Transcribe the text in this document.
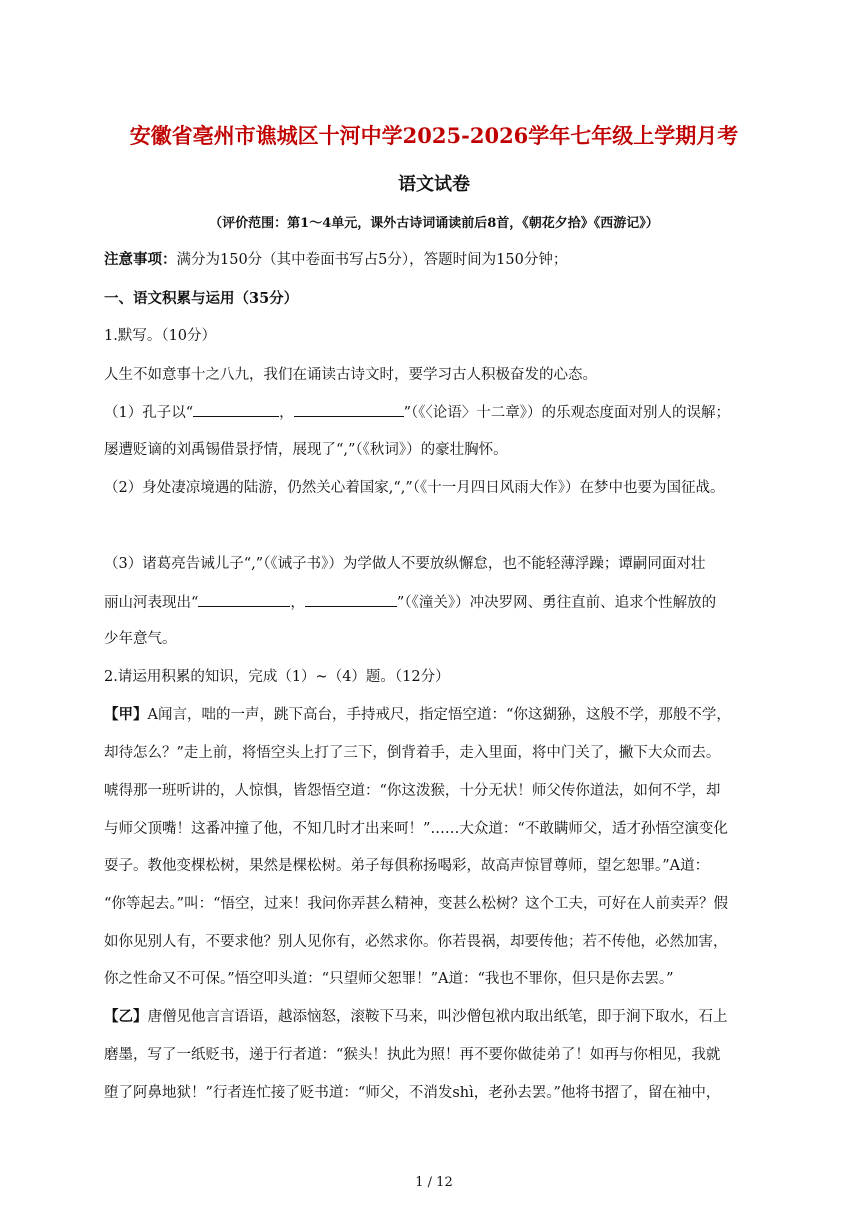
安徽省亳州市谯城区十河中学2025-2026学年七年级上学期月考
语文试卷
（评价范围：第1～4单元，课外古诗词诵读前后8首，《朝花夕拾》《西游记》）
注意事项：满分为150分（其中卷面书写占5分），答题时间为150分钟；
一、语文积累与运用（35分）
1.默写。（10分）
人生不如意事十之八九，我们在诵读古诗文时，要学习古人积极奋发的心态。
（1）孔子以“	，	”（《〈论语〉十二章》）的乐观态度面对别人的误解；
屡遭贬谪的刘禹锡借景抒情，展现了“,”（《秋词》）的豪壮胸怀。
（2）身处凄凉境遇的陆游，仍然关心着国家,“,”（《十一月四日风雨大作》）在梦中也要为国征战。
（3）诸葛亮告诫儿子“,”（《诫子书》）为学做人不要放纵懈怠，也不能轻薄浮躁；谭嗣同面对壮
丽山河表现出“	，	”（《潼关》）冲决罗网、勇往直前、追求个性解放的
少年意气。
2.请运用积累的知识，完成（1）~（4）题。（12分）
【甲】A闻言，咄的一声，跳下高台，手持戒尺，指定悟空道：“你这猢狲，这般不学，那般不学，
却待怎么？”走上前，将悟空头上打了三下，倒背着手，走入里面，将中门关了，撇下大众而去。
唬得那一班听讲的，人惊惧，皆怨悟空道：“你这泼猴，十分无状！师父传你道法，如何不学，却
与师父顶嘴！这番冲撞了他，不知几时才出来呵！”……大众道：“不敢瞒师父，适才孙悟空演变化
耍子。教他变棵松树，果然是棵松树。弟子每俱称扬喝彩，故高声惊冒尊师，望乞恕罪。”A道：
“你等起去。”叫：“悟空，过来！我问你弄甚么精神，变甚么松树？这个工夫，可好在人前卖弄？假
如你见别人有，不要求他？别人见你有，必然求你。你若畏祸，却要传他；若不传他，必然加害，
你之性命又不可保。”悟空叩头道：“只望师父恕罪！”A道：“我也不罪你，但只是你去罢。”
【乙】唐僧见他言言语语，越添恼怒，滚鞍下马来，叫沙僧包袱内取出纸笔，即于涧下取水，石上
磨墨，写了一纸贬书，递于行者道：“猴头！执此为照！再不要你做徒弟了！如再与你相见，我就
堕了阿鼻地狱！”行者连忙接了贬书道：“师父，不消发shì，老孙去罢。”他将书摺了，留在袖中，
1 / 12
